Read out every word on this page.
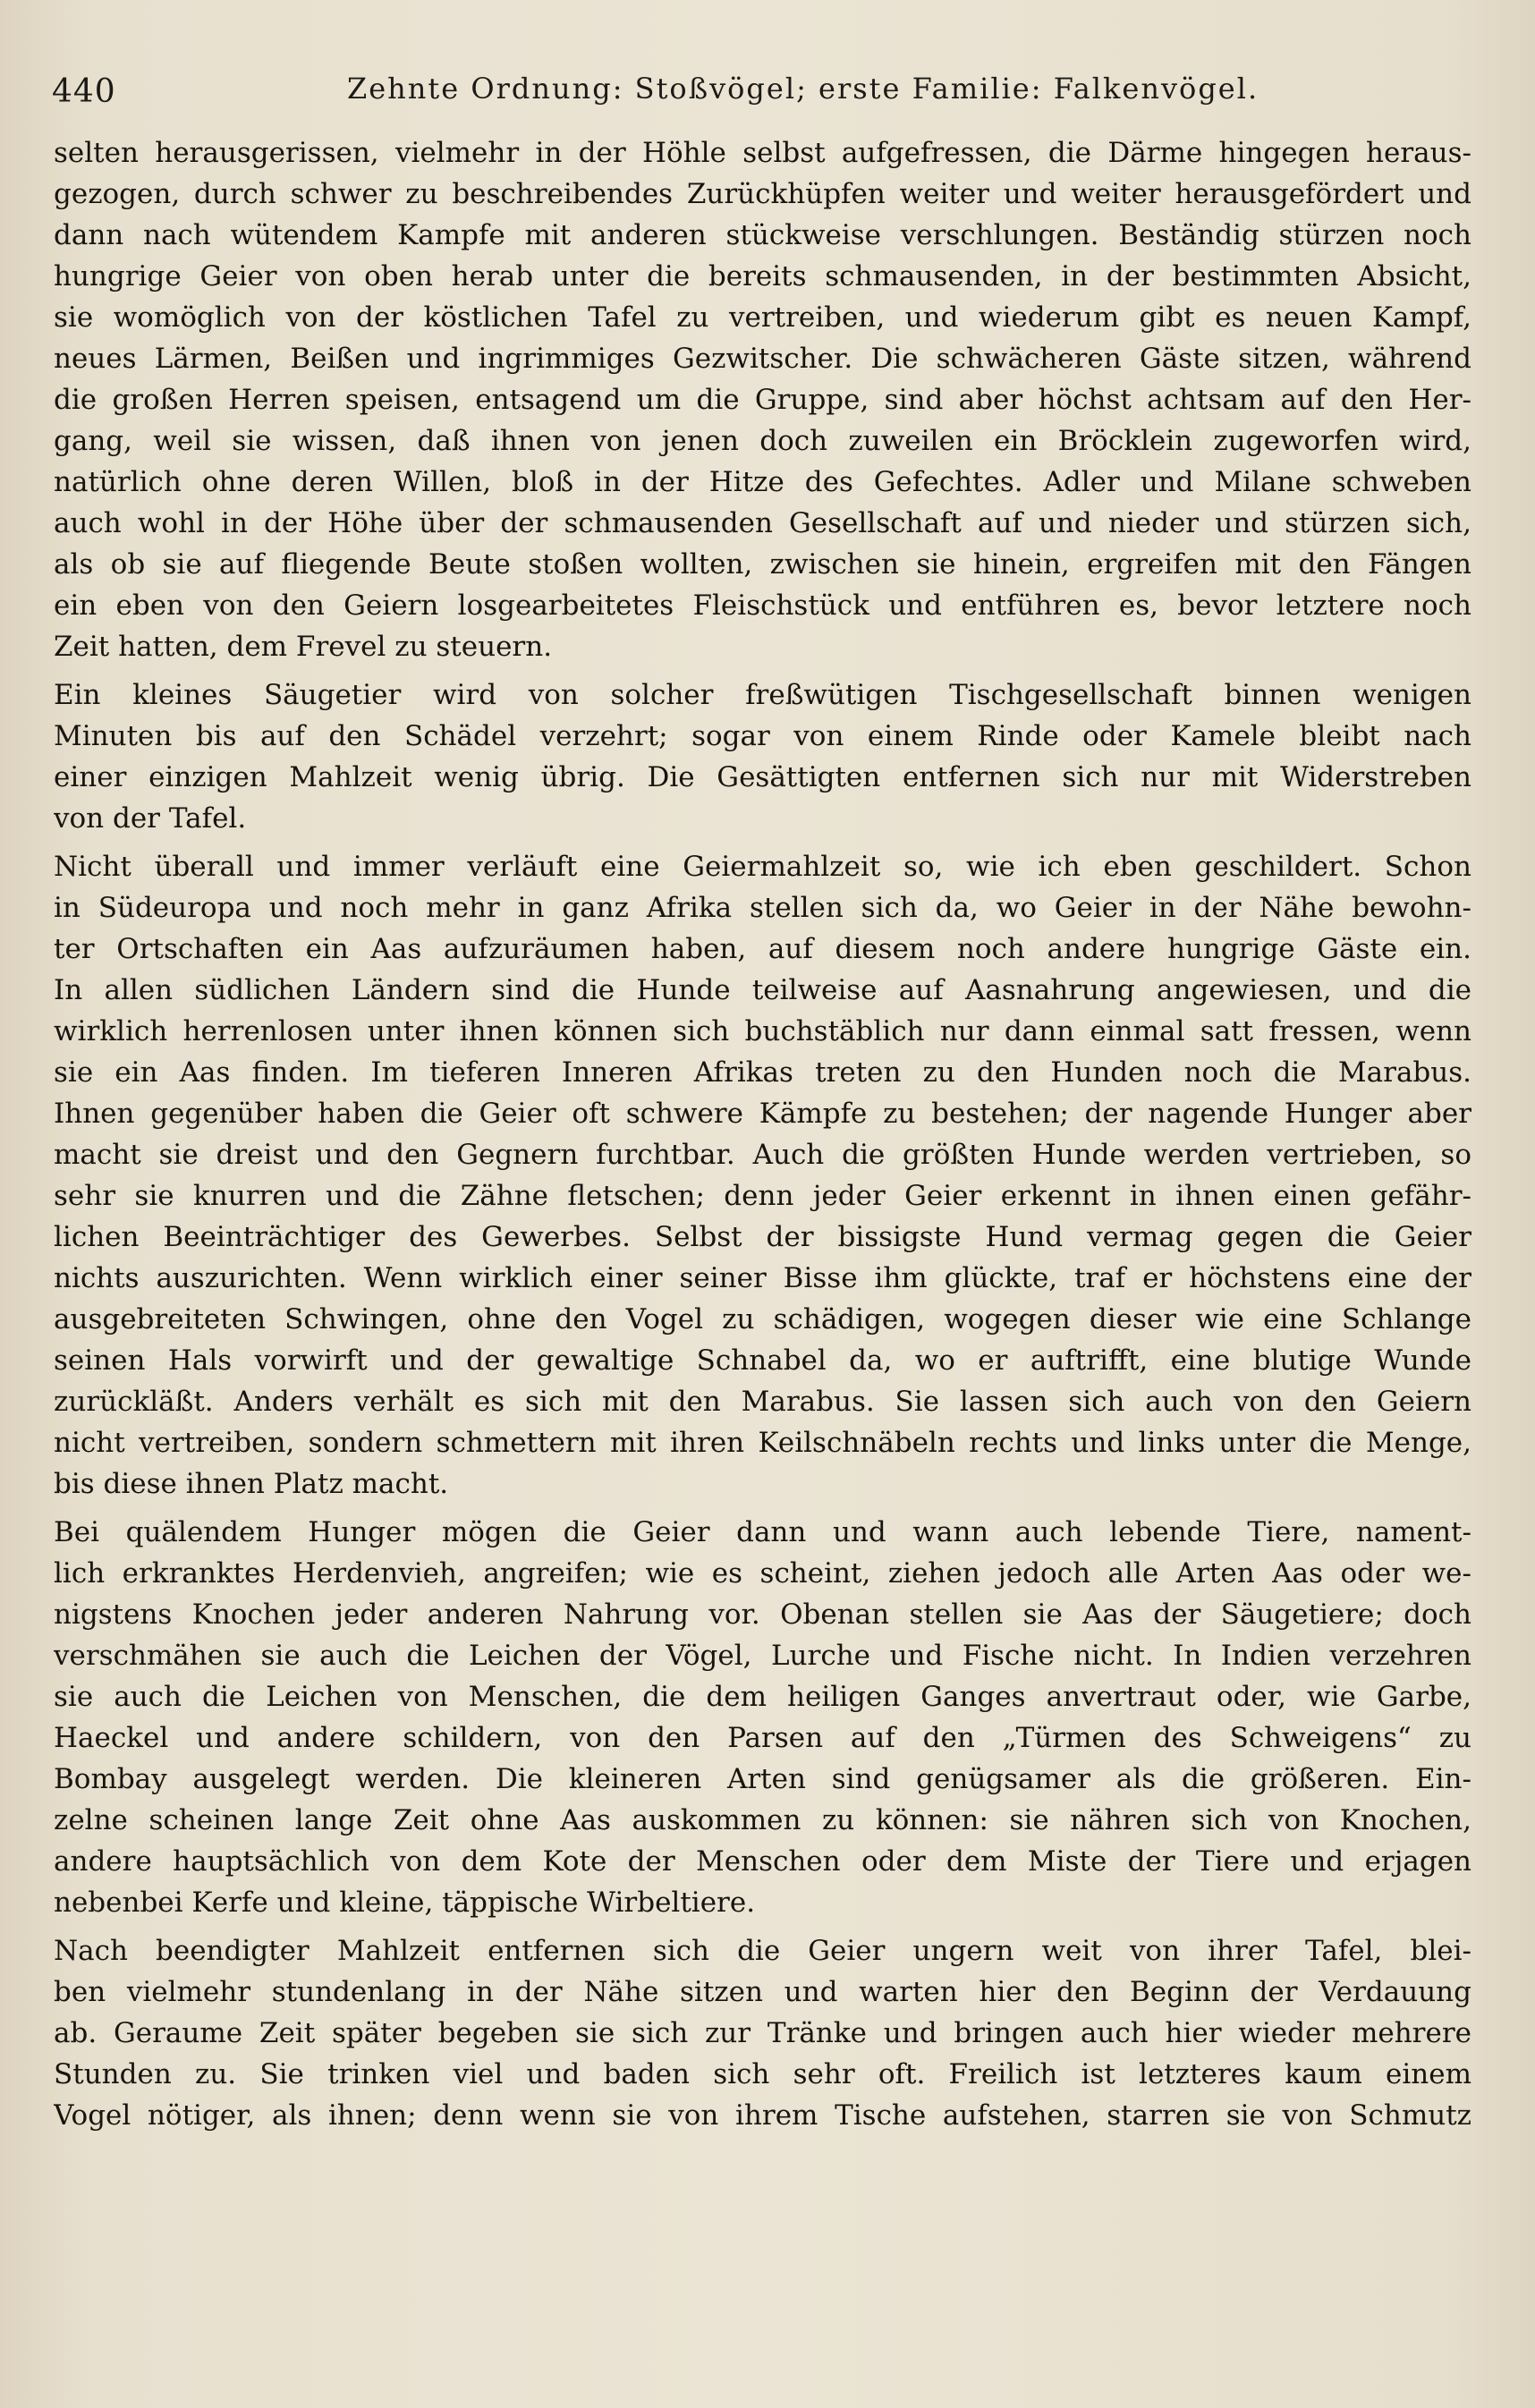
440	Zehnte Ordnung: Stoßvögel; erste Familie: Falkenvögel.
selten herausgerissen, vielmehr in der Höhle selbst aufgefressen, die Därme hingegen heraus-
gezogen, durch schwer zu beschreibendes Zurückhüpfen weiter und weiter herausgefördert und
dann nach wütendem Kampfe mit anderen stückweise verschlungen. Beständig stürzen noch
hungrige Geier von oben herab unter die bereits schmausenden, in der bestimmten Absicht,
sie womöglich von der köstlichen Tafel zu vertreiben, und wiederum gibt es neuen Kampf,
neues Lärmen, Beißen und ingrimmiges Gezwitscher. Die schwächeren Gäste sitzen, während
die großen Herren speisen, entsagend um die Gruppe, sind aber höchst achtsam auf den Her-
gang, weil sie wissen, daß ihnen von jenen doch zuweilen ein Bröcklein zugeworfen wird,
natürlich ohne deren Willen, bloß in der Hitze des Gefechtes. Adler und Milane schweben
auch wohl in der Höhe über der schmausenden Gesellschaft auf und nieder und stürzen sich,
als ob sie auf fliegende Beute stoßen wollten, zwischen sie hinein, ergreifen mit den Fängen
ein eben von den Geiern losgearbeitetes Fleischstück und entführen es, bevor letztere noch
Zeit hatten, dem Frevel zu steuern.
Ein kleines Säugetier wird von solcher freßwütigen Tischgesellschaft binnen wenigen
Minuten bis auf den Schädel verzehrt; sogar von einem Rinde oder Kamele bleibt nach
einer einzigen Mahlzeit wenig übrig. Die Gesättigten entfernen sich nur mit Widerstreben
von der Tafel.
Nicht überall und immer verläuft eine Geiermahlzeit so, wie ich eben geschildert. Schon
in Südeuropa und noch mehr in ganz Afrika stellen sich da, wo Geier in der Nähe bewohn-
ter Ortschaften ein Aas aufzuräumen haben, auf diesem noch andere hungrige Gäste ein.
In allen südlichen Ländern sind die Hunde teilweise auf Aasnahrung angewiesen, und die
wirklich herrenlosen unter ihnen können sich buchstäblich nur dann einmal satt fressen, wenn
sie ein Aas finden. Im tieferen Inneren Afrikas treten zu den Hunden noch die Marabus.
Ihnen gegenüber haben die Geier oft schwere Kämpfe zu bestehen; der nagende Hunger aber
macht sie dreist und den Gegnern furchtbar. Auch die größten Hunde werden vertrieben, so
sehr sie knurren und die Zähne fletschen; denn jeder Geier erkennt in ihnen einen gefähr-
lichen Beeinträchtiger des Gewerbes. Selbst der bissigste Hund vermag gegen die Geier
nichts auszurichten. Wenn wirklich einer seiner Bisse ihm glückte, traf er höchstens eine der
ausgebreiteten Schwingen, ohne den Vogel zu schädigen, wogegen dieser wie eine Schlange
seinen Hals vorwirft und der gewaltige Schnabel da, wo er auftrifft, eine blutige Wunde
zurückläßt. Anders verhält es sich mit den Marabus. Sie lassen sich auch von den Geiern
nicht vertreiben, sondern schmettern mit ihren Keilschnäbeln rechts und links unter die Menge,
bis diese ihnen Platz macht.
Bei quälendem Hunger mögen die Geier dann und wann auch lebende Tiere, nament-
lich erkranktes Herdenvieh, angreifen; wie es scheint, ziehen jedoch alle Arten Aas oder we-
nigstens Knochen jeder anderen Nahrung vor. Obenan stellen sie Aas der Säugetiere; doch
verschmähen sie auch die Leichen der Vögel, Lurche und Fische nicht. In Indien verzehren
sie auch die Leichen von Menschen, die dem heiligen Ganges anvertraut oder, wie Garbe,
Haeckel und andere schildern, von den Parsen auf den „Türmen des Schweigens“ zu
Bombay ausgelegt werden. Die kleineren Arten sind genügsamer als die größeren. Ein-
zelne scheinen lange Zeit ohne Aas auskommen zu können: sie nähren sich von Knochen,
andere hauptsächlich von dem Kote der Menschen oder dem Miste der Tiere und erjagen
nebenbei Kerfe und kleine, täppische Wirbeltiere.
Nach beendigter Mahlzeit entfernen sich die Geier ungern weit von ihrer Tafel, blei-
ben vielmehr stundenlang in der Nähe sitzen und warten hier den Beginn der Verdauung
ab. Geraume Zeit später begeben sie sich zur Tränke und bringen auch hier wieder mehrere
Stunden zu. Sie trinken viel und baden sich sehr oft. Freilich ist letzteres kaum einem
Vogel nötiger, als ihnen; denn wenn sie von ihrem Tische aufstehen, starren sie von Schmutz
